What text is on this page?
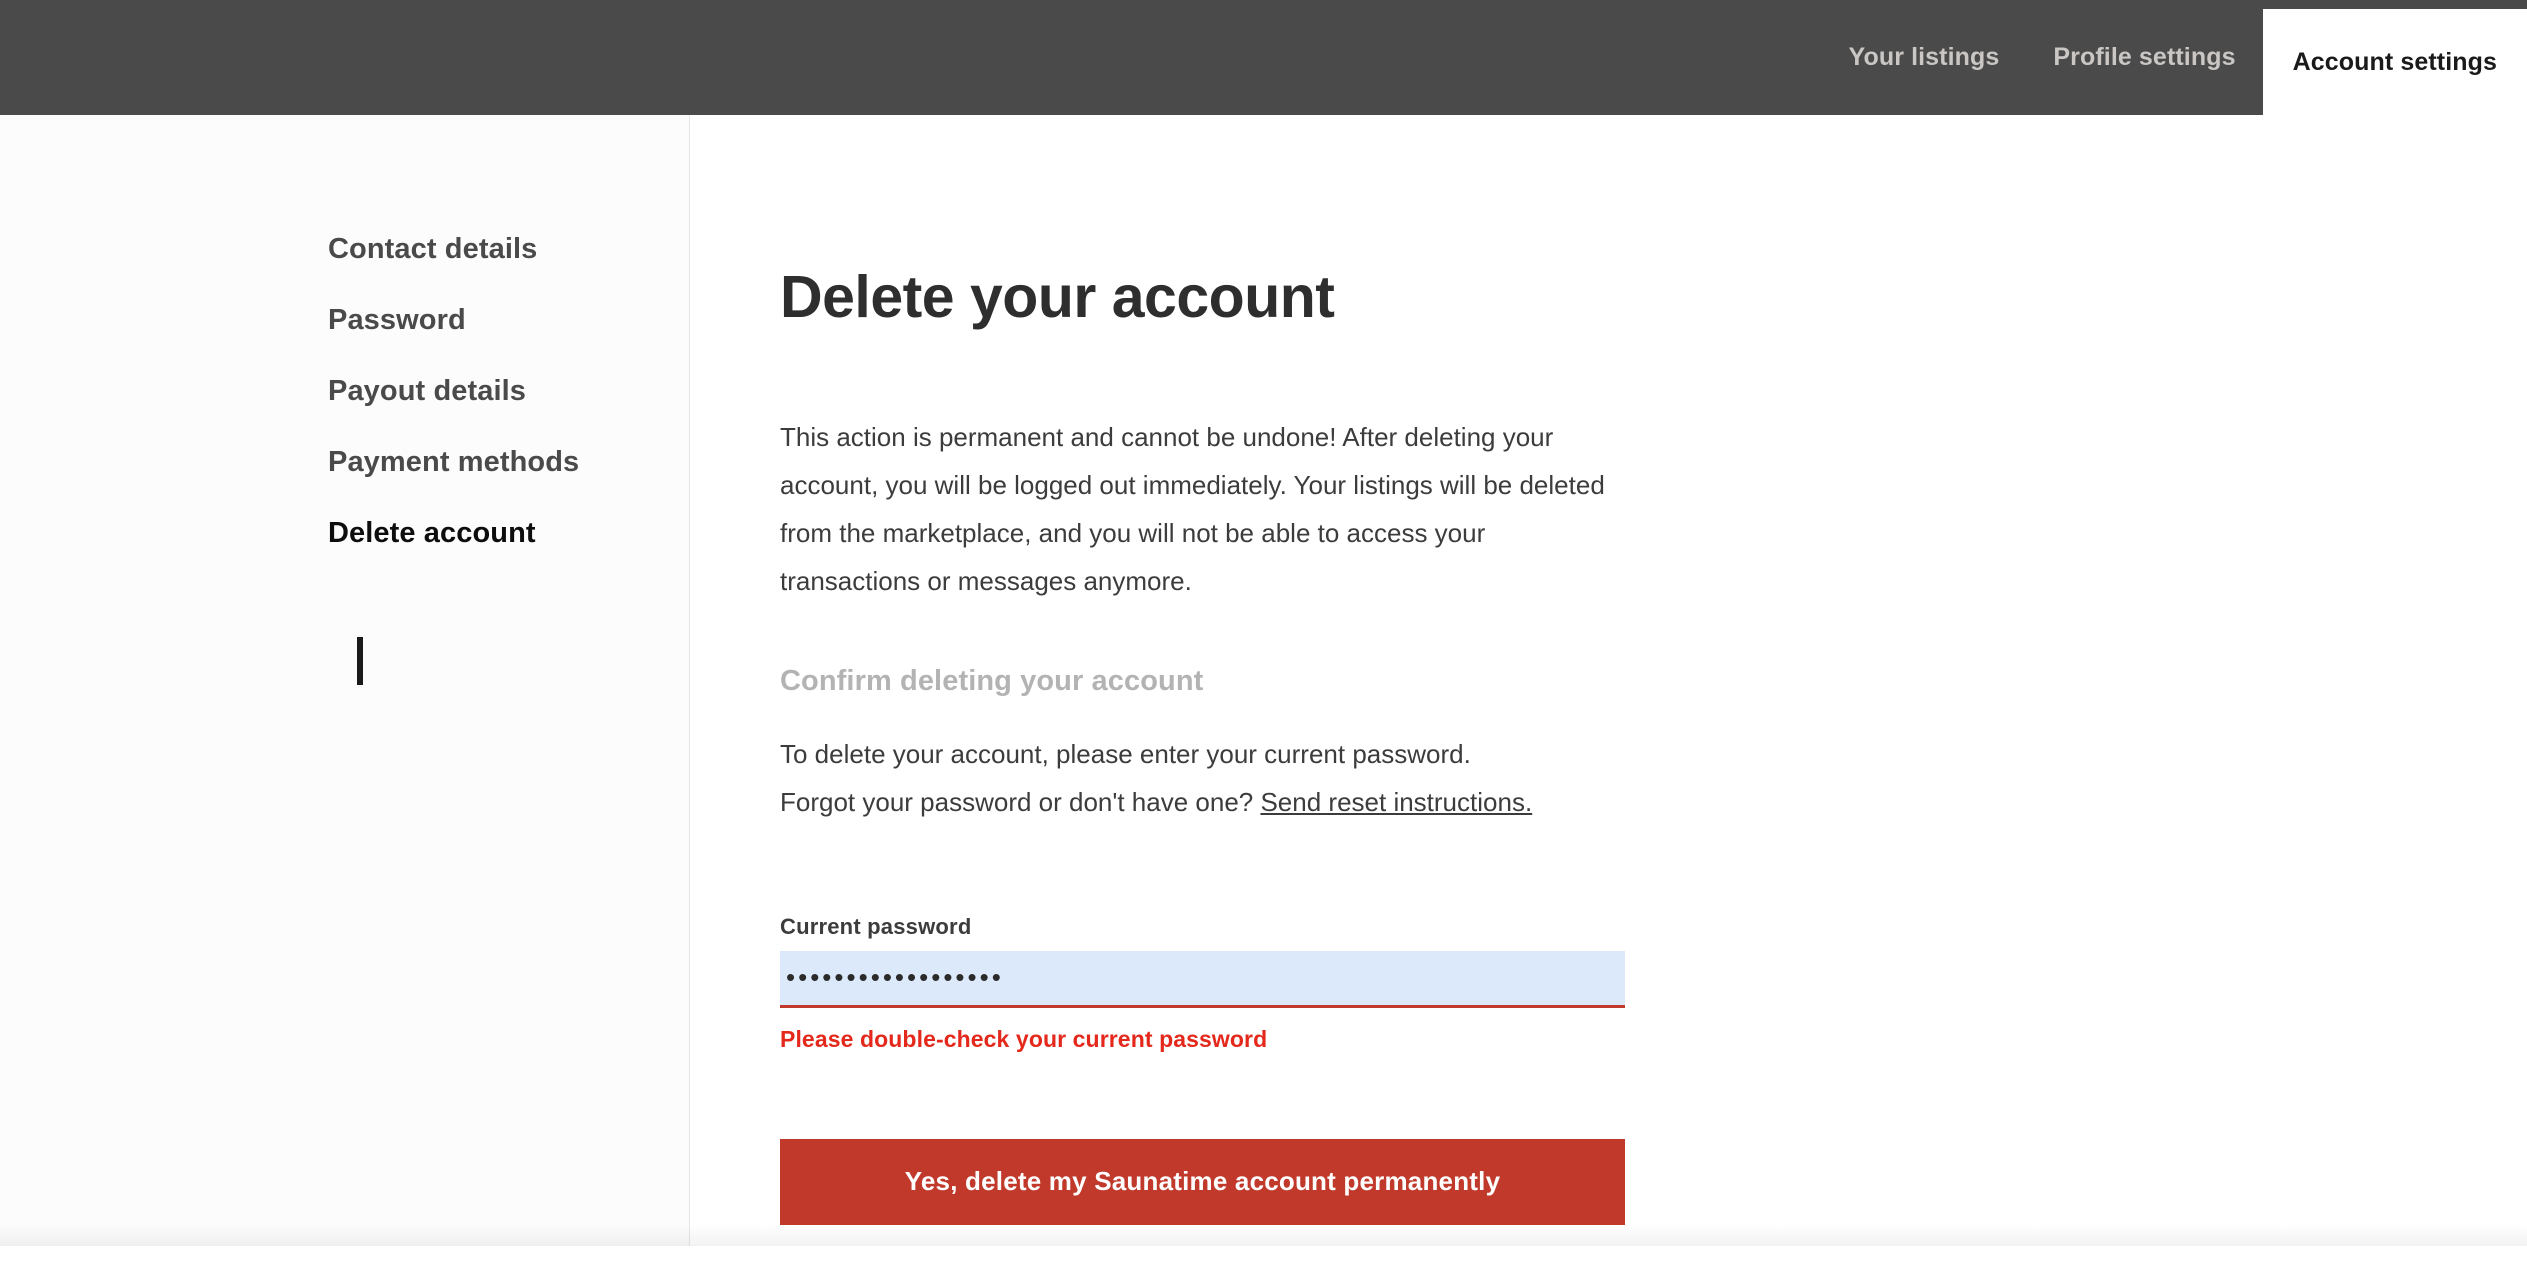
Your listings	Profile settings	Account settings
Contact details
Password
Payout details
Payment methods
Delete account
Delete your account

This action is permanent and cannot be undone! After deleting your account, you will be logged out immediately. Your listings will be deleted from the marketplace, and you will not be able to access your transactions or messages anymore.

Confirm deleting your account

To delete your account, please enter your current password.
Forgot your password or don't have one? Send reset instructions.

Current password
••••••••••••••••••

Please double-check your current password

Yes, delete my Saunatime account permanently
